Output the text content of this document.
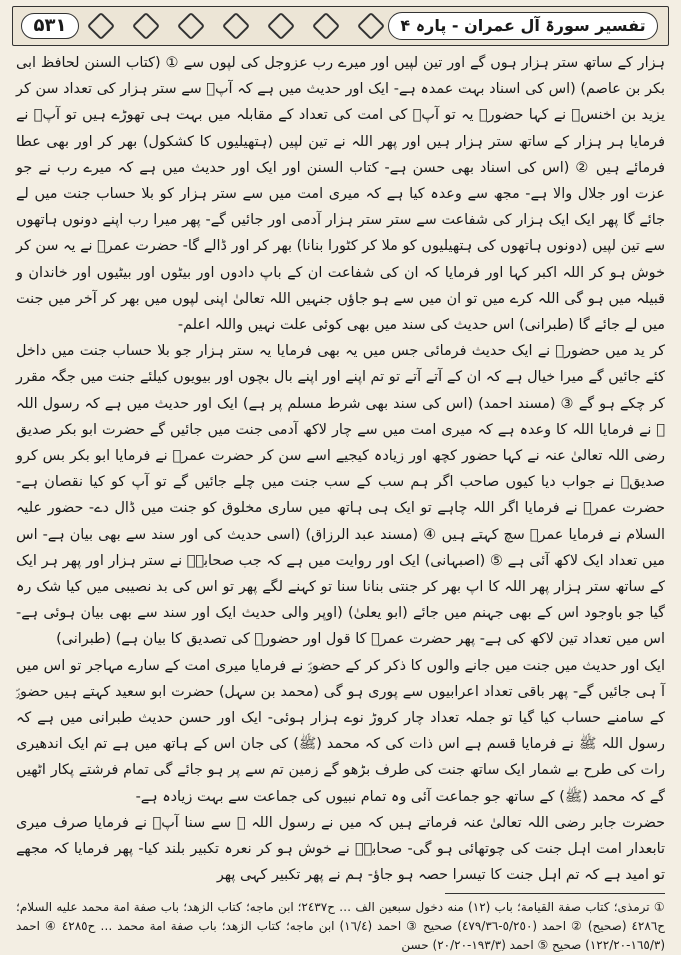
۵۳۱	تفسیر سورۃ آل عمران - پارہ ۴

ہزار کے ساتھ ستر ہزار ہوں گے اور تین لپیں اور میرے رب عزوجل کی لپوں سے ① (کتاب السنن لحافظ ابی بکر بن عاصم) (اس کی اسناد بہت عمدہ ہے- ایک اور حدیث میں ہے کہ آپؐ سے ستر ہزار کی تعداد سن کر یزید بن اخنسؓ نے کہا حضورؐ یہ تو آپؐ کی امت کی تعداد کے مقابلہ میں بہت ہی تھوڑے ہیں تو آپؐ نے فرمایا ہر ہزار کے ساتھ ستر ہزار ہیں اور پھر اللہ نے تین لپیں (ہتھیلیوں کا کشکول) بھر کر اور بھی عطا فرمائے ہیں ② (اس کی اسناد بھی حسن ہے- کتاب السنن اور ایک اور حدیث میں ہے کہ میرے رب نے جو عزت اور جلال والا ہے- مجھ سے وعدہ کیا ہے کہ میری امت میں سے ستر ہزار کو بلا حساب جنت میں لے جائے گا پھر ایک ایک ہزار کی شفاعت سے ستر ستر ہزار آدمی اور جائیں گے- پھر میرا رب اپنے دونوں ہاتھوں سے تین لپیں (دونوں ہاتھوں کی ہتھیلیوں کو ملا کر کٹورا بنانا) بھر کر اور ڈالے گا- حضرت عمرؓ نے یہ سن کر خوش ہو کر اللہ اکبر کہا اور فرمایا کہ ان کی شفاعت ان کے باپ دادوں اور بیٹوں اور بیٹیوں اور خاندان و قبیلہ میں ہو گی اللہ کرے میں تو ان میں سے ہو جاؤں جنہیں اللہ تعالیٰ اپنی لپوں میں بھر کر آخر میں جنت میں لے جائے گا (طبرانی) اس حدیث کی سند میں بھی کوئی علت نہیں واللہ اعلم-

کر ید میں حضورؐ نے ایک حدیث فرمائی جس میں یہ بھی فرمایا یہ ستر ہزار جو بلا حساب جنت میں داخل کئے جائیں گے میرا خیال ہے کہ ان کے آتے آتے تو تم اپنے اور اپنے بال بچوں اور بیویوں کیلئے جنت میں جگہ مقرر کر چکے ہو گے ③ (مسند احمد) (اس کی سند بھی شرط مسلم پر ہے) ایک اور حدیث میں ہے کہ رسول اللہ ﷺ نے فرمایا اللہ کا وعدہ ہے کہ میری امت میں سے چار لاکھ آدمی جنت میں جائیں گے حضرت ابو بکر صدیق رضی اللہ تعالیٰ عنہ نے کہا حضور کچھ اور زیادہ کیجیے اسے سن کر حضرت عمرؓ نے فرمایا ابو بکر بس کرو صدیقؓ نے جواب دیا کیوں صاحب اگر ہم سب کے سب جنت میں چلے جائیں گے تو آپ کو کیا نقصان ہے- حضرت عمرؓ نے فرمایا اگر اللہ چاہے تو ایک ہی ہاتھ میں ساری مخلوق کو جنت میں ڈال دے- حضور علیہ السلام نے فرمایا عمرؓ سچ کہتے ہیں ④ (مسند عبد الرزاق) (اسی حدیث کی اور سند سے بھی بیان ہے- اس میں تعداد ایک لاکھ آئی ہے ⑤ (اصبہانی) ایک اور روایت میں ہے کہ جب صحابہؓ نے ستر ہزار اور پھر ہر ایک کے ساتھ ستر ہزار پھر اللہ کا اپ بھر کر جنتی بنانا سنا تو کہنے لگے پھر تو اس کی بد نصیبی میں کیا شک رہ گیا جو باوجود اس کے بھی جہنم میں جائے (ابو یعلیٰ) (اوپر والی حدیث ایک اور سند سے بھی بیان ہوئی ہے- اس میں تعداد تین لاکھ کی ہے- پھر حضرت عمرؓ کا قول اور حضورؐ کی تصدیق کا بیان ہے) (طبرانی)

ایک اور حدیث میں جنت میں جانے والوں کا ذکر کر کے حضورؐ نے فرمایا میری امت کے سارے مہاجر تو اس میں آ ہی جائیں گے- پھر باقی تعداد اعرابیوں سے پوری ہو گی (محمد بن سہل) حضرت ابو سعید کہتے ہیں حضورؐ کے سامنے حساب کیا گیا تو جملہ تعداد چار کروڑ نوے ہزار ہوئی- ایک اور حسن حدیث طبرانی میں ہے کہ رسول اللہ ﷺ نے فرمایا قسم ہے اس ذات کی کہ محمد (ﷺ) کی جان اس کے ہاتھ میں ہے تم ایک اندھیری رات کی طرح بے شمار ایک ساتھ جنت کی طرف بڑھو گے زمین تم سے پر ہو جائے گی تمام فرشتے پکار اٹھیں گے کہ محمد (ﷺ) کے ساتھ جو جماعت آئی وہ تمام نبیوں کی جماعت سے بہت زیادہ ہے-

حضرت جابر رضی اللہ تعالیٰ عنہ فرماتے ہیں کہ میں نے رسول اللہ ﷺ سے سنا آپؐ نے فرمایا صرف میری تابعدار امت اہل جنت کی چوتھائی ہو گی- صحابہؓ نے خوش ہو کر نعرہ تکبیر بلند کیا- پھر فرمایا کہ مجھے تو امید ہے کہ تم اہل جنت کا تیسرا حصہ ہو جاؤ- ہم نے پھر تکبیر کہی پھر

① ترمذی؛ كتاب صفة القيامة؛ باب (١٢) منه دخول سبعين الف … ح٢٤٣٧؛ ابن ماجه؛ كتاب الزهد؛ باب صفة امة محمد عليه السلام؛ ح٤٢٨٦ (صحيح) ② احمد (٥/٢٥٠-٤٧٩/٣٦) صحيح ③ احمد (١٦/٤) ابن ماجه؛ كتاب الزهد؛ باب صفة امة محمد … ح٤٢٨٥ ④ احمد (١٦٥/٣-١٢٢/٢٠) صحيح ⑤ احمد (١٩٣/٣-٢٠/٢٠) حسن
